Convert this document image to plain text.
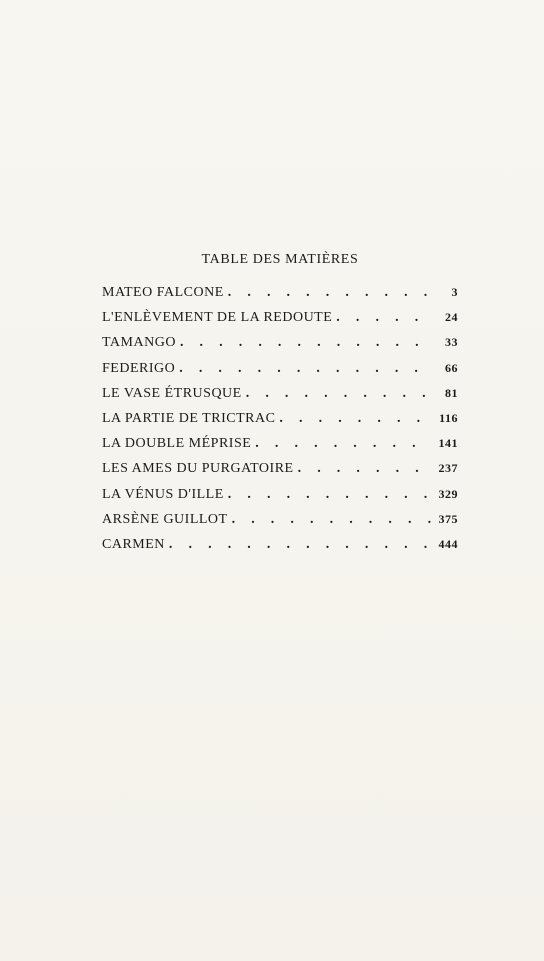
TABLE DES MATIÈRES
MATEO FALCONE . . .	3
L'ENLÈVEMENT DE LA REDOUTE . . .	24
TAMANGO . . .	33
FEDERIGO . . .	66
LE VASE ÉTRUSQUE . . .	81
LA PARTIE DE TRICTRAC . . .	116
LA DOUBLE MÉPRISE . . .	141
LES AMES DU PURGATOIRE . . .	237
LA VÉNUS D'ILLE . . .	329
ARSÈNE GUILLOT . . .	375
CARMEN . . .	444
